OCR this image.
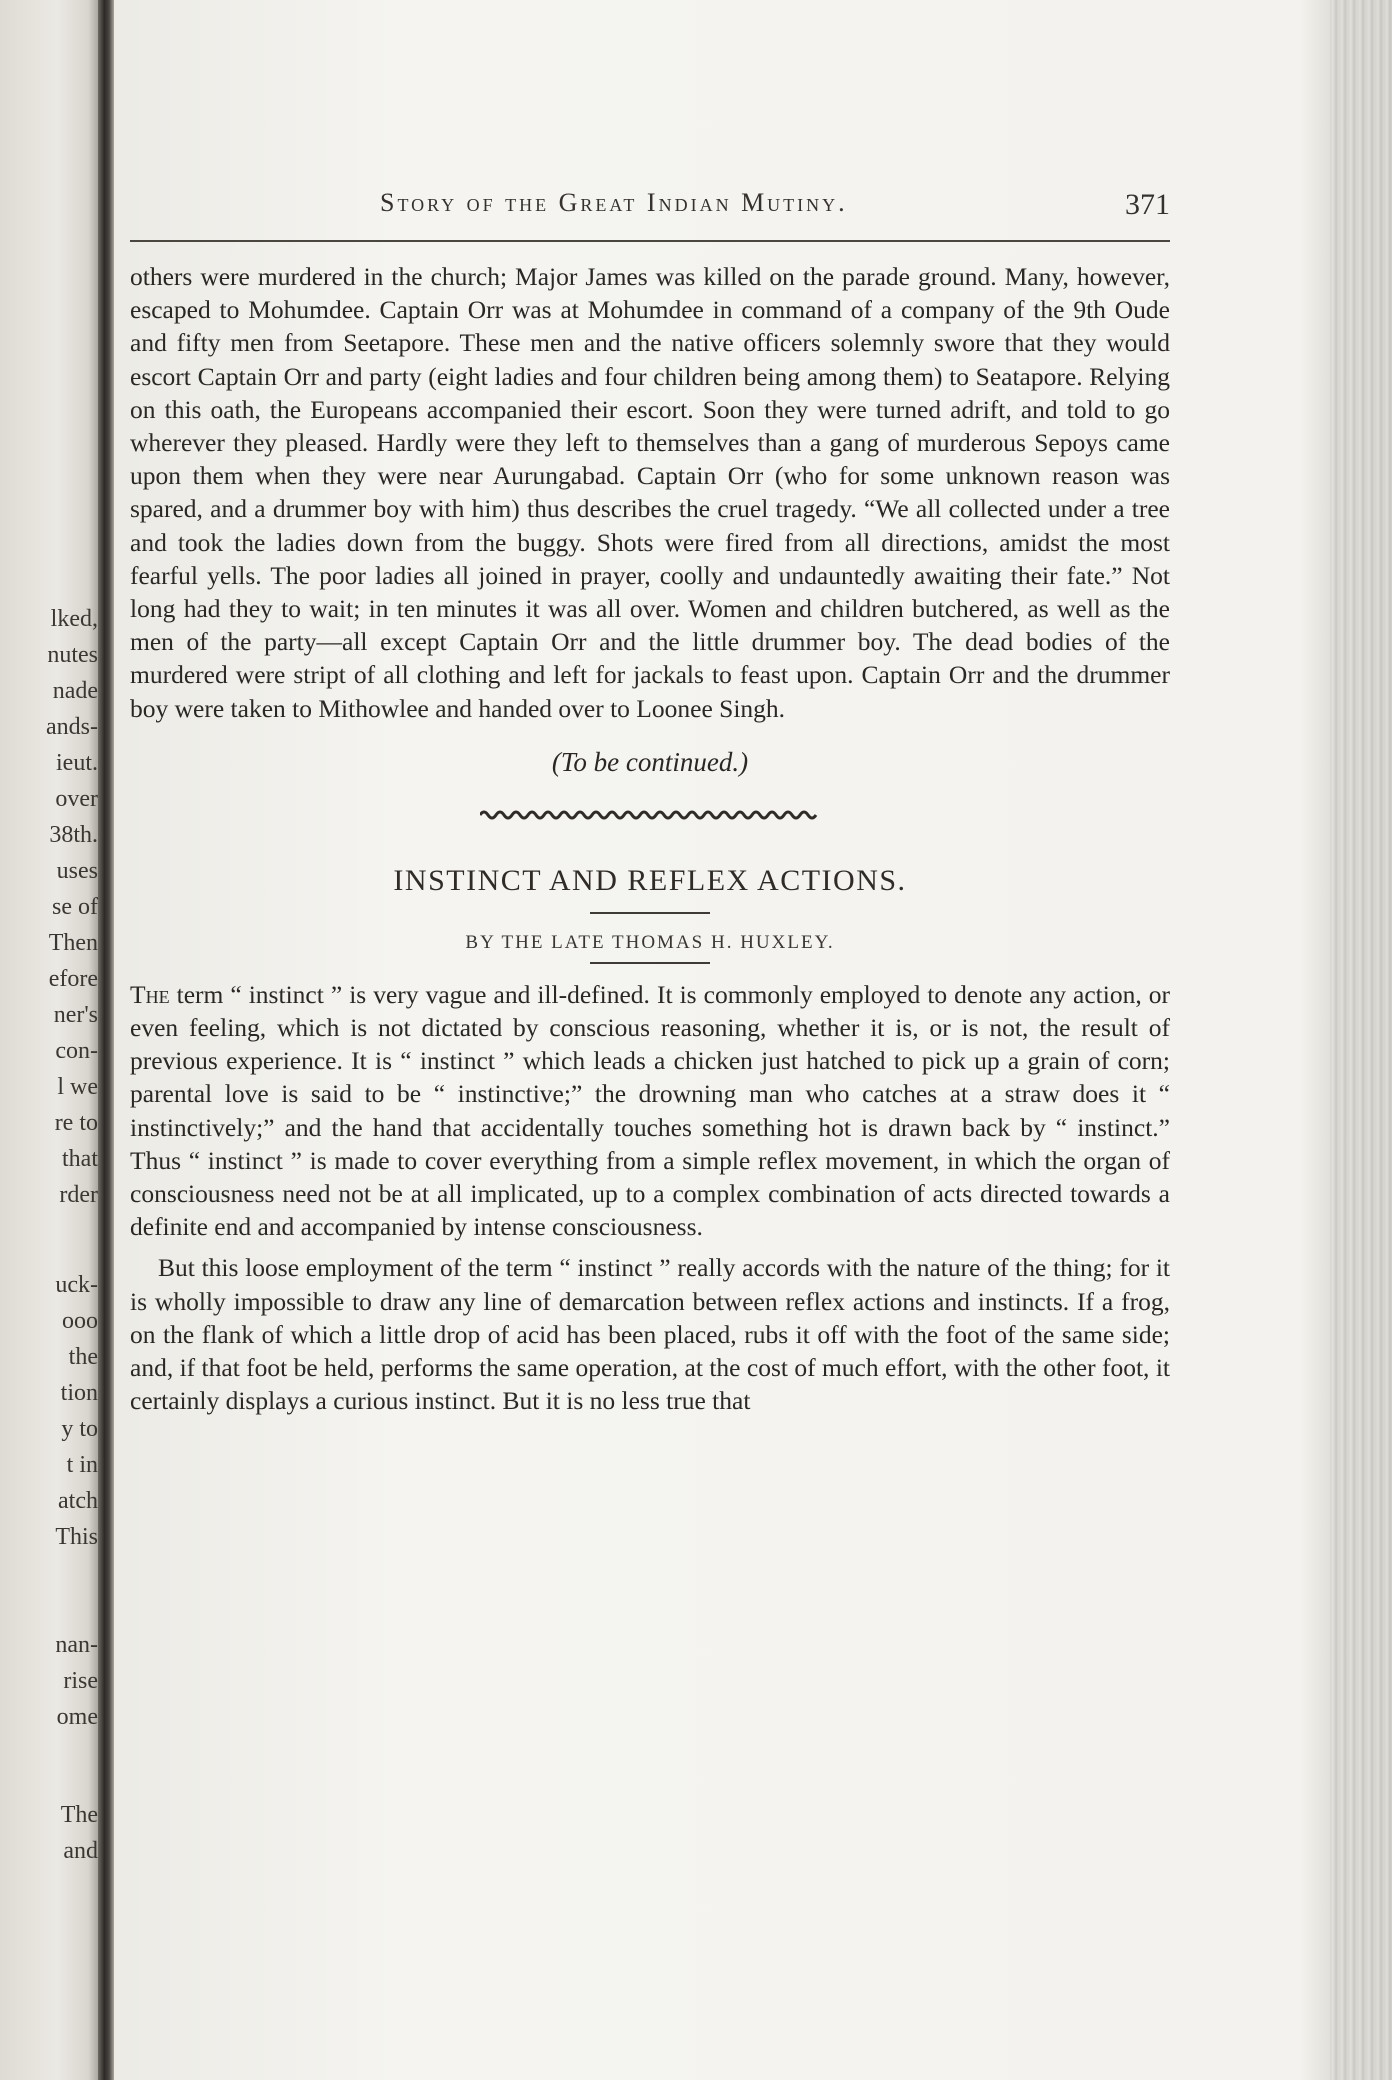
lked,
nutes
nade
ands-
ieut.
over
38th.
uses
se of
Then
efore
ner's
con-
l we
re to
that
rder
uck-
ooo
the
tion
y to
t in
atch
This
nan-
rise
ome
The
and
Story of the Great Indian Mutiny.	371

others were murdered in the church; Major James was killed on the parade ground. Many, however, escaped to Mohumdee. Captain Orr was at Mohumdee in command of a company of the 9th Oude and fifty men from Seetapore. These men and the native officers solemnly swore that they would escort Captain Orr and party (eight ladies and four children being among them) to Seatapore. Relying on this oath, the Europeans accompanied their escort. Soon they were turned adrift, and told to go wherever they pleased. Hardly were they left to themselves than a gang of murderous Sepoys came upon them when they were near Aurungabad. Captain Orr (who for some unknown reason was spared, and a drummer boy with him) thus describes the cruel tragedy. “We all collected under a tree and took the ladies down from the buggy. Shots were fired from all directions, amidst the most fearful yells. The poor ladies all joined in prayer, coolly and undauntedly awaiting their fate.” Not long had they to wait; in ten minutes it was all over. Women and children butchered, as well as the men of the party—all except Captain Orr and the little drummer boy. The dead bodies of the murdered were stript of all clothing and left for jackals to feast upon. Captain Orr and the drummer boy were taken to Mithowlee and handed over to Loonee Singh.

(To be continued.)

INSTINCT AND REFLEX ACTIONS.

BY THE LATE THOMAS H. HUXLEY.

The term “ instinct ” is very vague and ill-defined. It is commonly employed to denote any action, or even feeling, which is not dictated by conscious reasoning, whether it is, or is not, the result of previous experience. It is “ instinct ” which leads a chicken just hatched to pick up a grain of corn; parental love is said to be “ instinctive;” the drowning man who catches at a straw does it “ instinctively;” and the hand that accidentally touches something hot is drawn back by “ instinct.” Thus “ instinct ” is made to cover everything from a simple reflex movement, in which the organ of consciousness need not be at all implicated, up to a complex combination of acts directed towards a definite end and accompanied by intense consciousness.

But this loose employment of the term “ instinct ” really accords with the nature of the thing; for it is wholly impossible to draw any line of demarcation between reflex actions and instincts. If a frog, on the flank of which a little drop of acid has been placed, rubs it off with the foot of the same side; and, if that foot be held, performs the same operation, at the cost of much effort, with the other foot, it certainly displays a curious instinct. But it is no less true that
